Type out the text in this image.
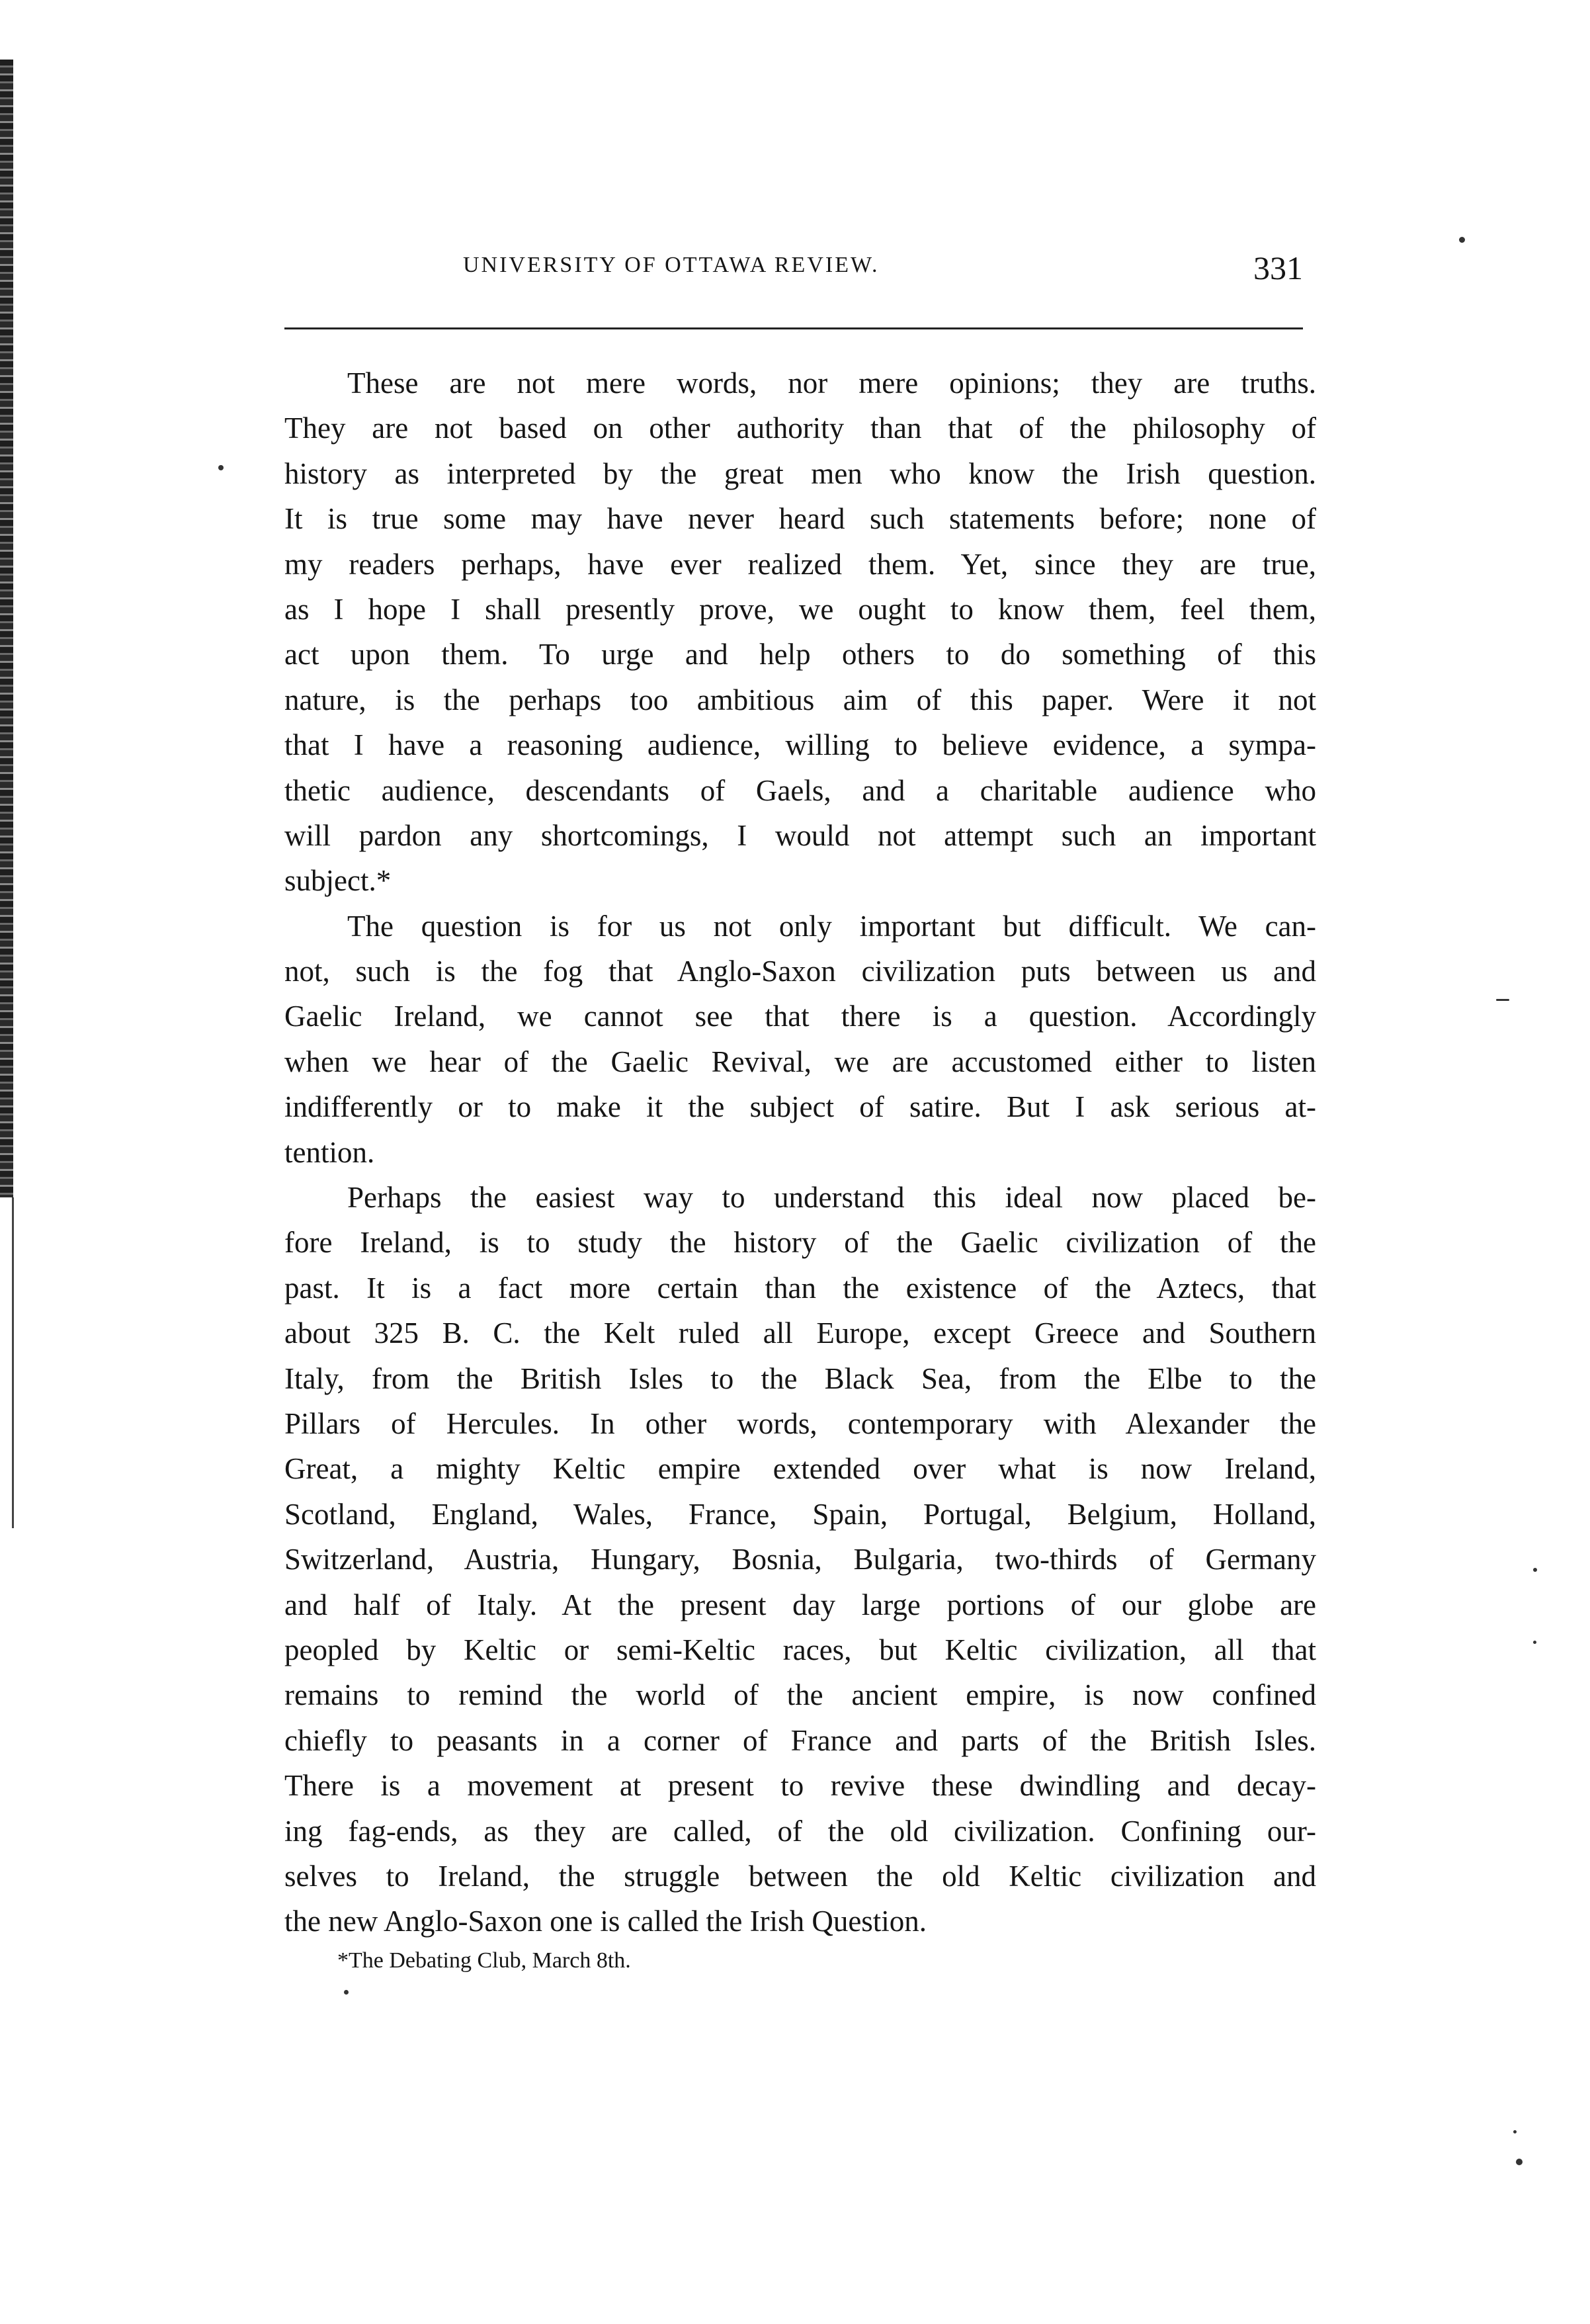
UNIVERSITY OF OTTAWA REVIEW.	331

These are not mere words, nor mere opinions; they are truths.
They are not based on other authority than that of the philosophy of
history as interpreted by the great men who know the Irish question.
It is true some may have never heard such statements before; none of
my readers perhaps, have ever realized them. Yet, since they are true,
as I hope I shall presently prove, we ought to know them, feel them,
act upon them. To urge and help others to do something of this
nature, is the perhaps too ambitious aim of this paper. Were it not
that I have a reasoning audience, willing to believe evidence, a sympa-
thetic audience, descendants of Gaels, and a charitable audience who
will pardon any shortcomings, I would not attempt such an important
subject.*

The question is for us not only important but difficult. We can-
not, such is the fog that Anglo-Saxon civilization puts between us and
Gaelic Ireland, we cannot see that there is a question. Accordingly
when we hear of the Gaelic Revival, we are accustomed either to listen
indifferently or to make it the subject of satire. But I ask serious at-
tention.

Perhaps the easiest way to understand this ideal now placed be-
fore Ireland, is to study the history of the Gaelic civilization of the
past. It is a fact more certain than the existence of the Aztecs, that
about 325 B. C. the Kelt ruled all Europe, except Greece and Southern
Italy, from the British Isles to the Black Sea, from the Elbe to the
Pillars of Hercules. In other words, contemporary with Alexander the
Great, a mighty Keltic empire extended over what is now Ireland,
Scotland, England, Wales, France, Spain, Portugal, Belgium, Holland,
Switzerland, Austria, Hungary, Bosnia, Bulgaria, two-thirds of Germany
and half of Italy. At the present day large portions of our globe are
peopled by Keltic or semi-Keltic races, but Keltic civilization, all that
remains to remind the world of the ancient empire, is now confined
chiefly to peasants in a corner of France and parts of the British Isles.
There is a movement at present to revive these dwindling and decay-
ing fag-ends, as they are called, of the old civilization. Confining our-
selves to Ireland, the struggle between the old Keltic civilization and
the new Anglo-Saxon one is called the Irish Question.

*The Debating Club, March 8th.
